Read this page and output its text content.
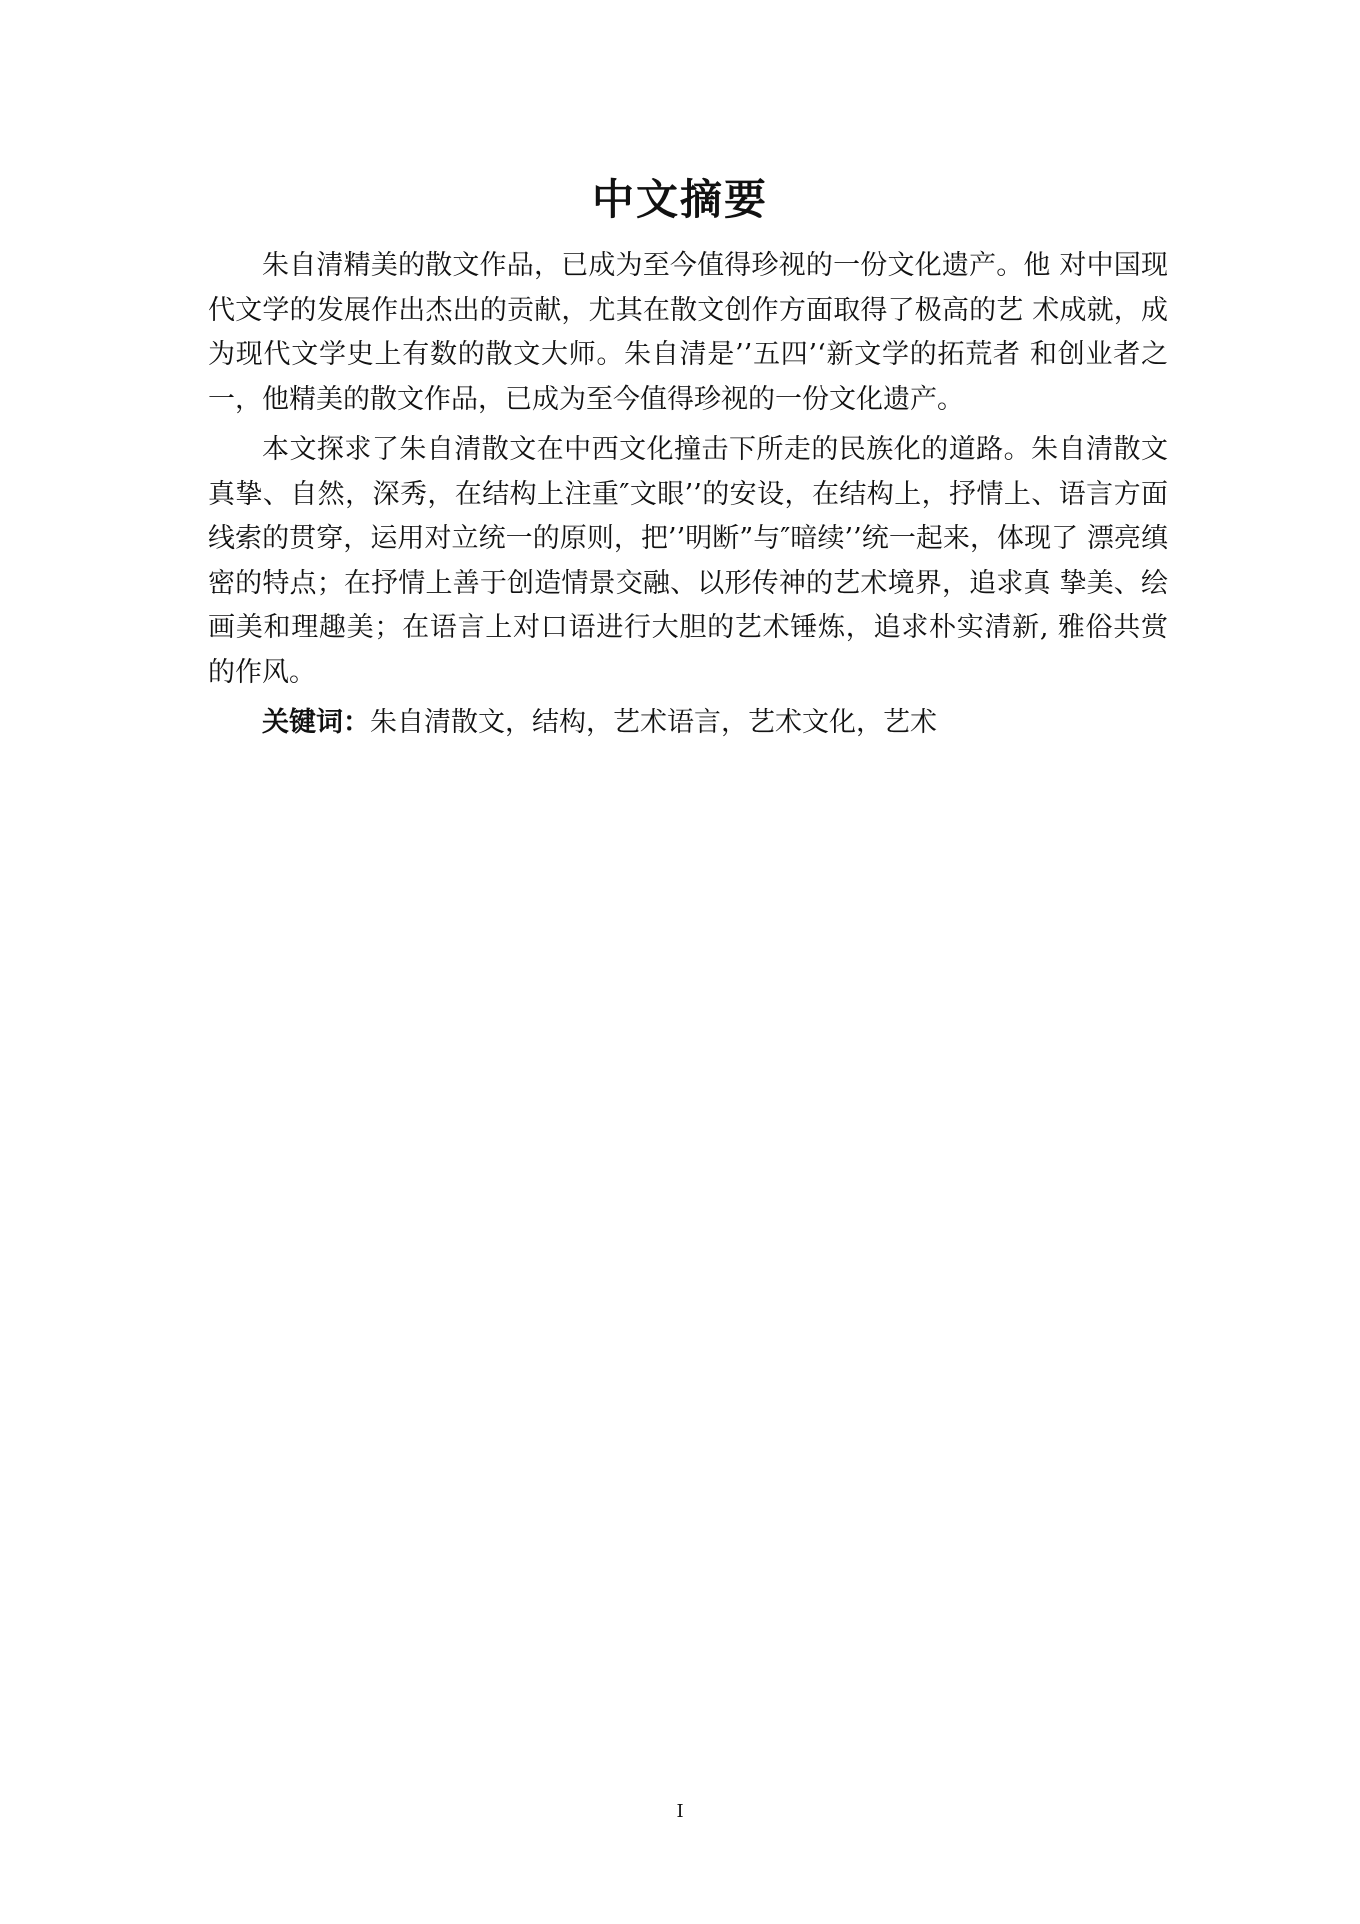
中文摘要

朱自清精美的散文作品，已成为至今值得珍视的一份文化遗产。他 对中国现代文学的发展作出杰出的贡献，尤其在散文创作方面取得了极高的艺 术成就，成为现代文学史上有数的散文大师。朱自清是’’五四’‘新文学的拓荒者 和创业者之一，他精美的散文作品，已成为至今值得珍视的一份文化遗产。

本文探求了朱自清散文在中西文化撞击下所走的民族化的道路。朱自清散文真挚、自然，深秀，在结构上注重″文眼’’的安设，在结构上，抒情上、语言方面线索的贯穿，运用对立统一的原则，把’’明断”与″暗续’’统一起来，体现了 漂亮缜密的特点；在抒情上善于创造情景交融、以形传神的艺术境界，追求真 挚美、绘画美和理趣美；在语言上对口语进行大胆的艺术锤炼，追求朴实清新, 雅俗共赏的作风。

关键词：朱自清散文，结构，艺术语言，艺术文化，艺术

I
